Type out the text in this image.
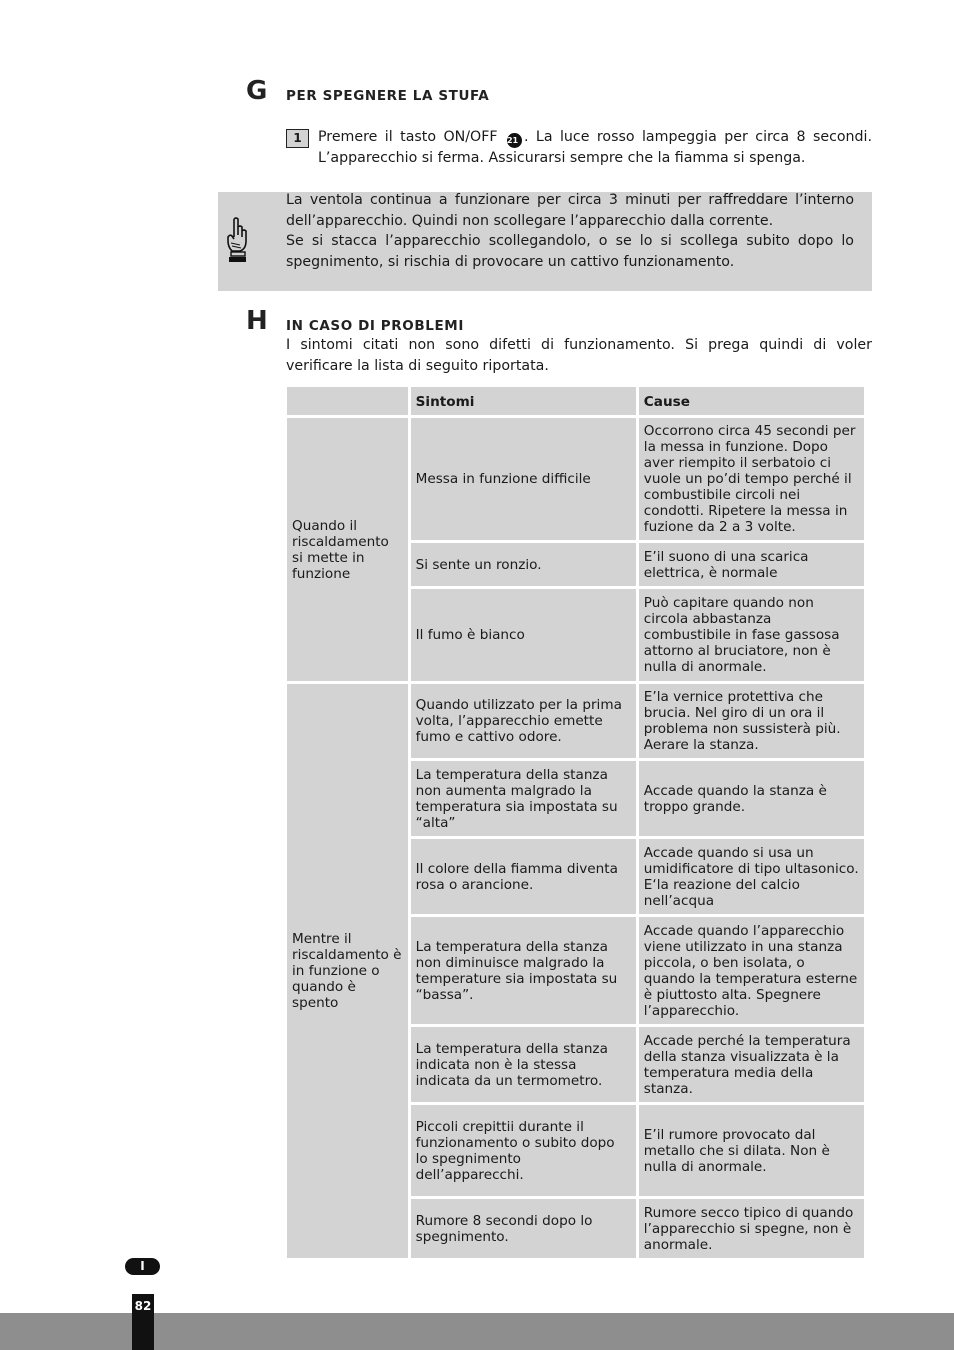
G PER SPEGNERE LA STUFA
1	Premere il tasto ON/OFF 21 . La luce rosso lampeggia per circa 8 secondi. L’apparecchio si ferma. Assicurarsi sempre che la fiamma si spenga.
La ventola continua a funzionare per circa 3 minuti per raffreddare l’interno dell’apparecchio. Quindi non scollegare l’apparecchio dalla corrente.
Se si stacca l’apparecchio scollegandolo, o se lo si scollega subito dopo lo spegnimento, si rischia di provocare un cattivo funzionamento.
H IN CASO DI PROBLEMI
I sintomi citati non sono difetti di funzionamento. Si prega quindi di voler verificare la lista di seguito riportata.
	Sintomi	Cause
Quando il riscaldamento si mette in funzione	Messa in funzione difficile	Occorrono circa 45 secondi per la messa in funzione. Dopo aver riempito il serbatoio ci vuole un po’di tempo perché il combustibile circoli nei condotti. Ripetere la messa in fuzione da 2 a 3 volte.
	Si sente un ronzio.	E’il suono di una scarica elettrica, è normale
	Il fumo è bianco	Può capitare quando non circola abbastanza combustibile in fase gassosa attorno al bruciatore, non è nulla di anormale.
Mentre il riscaldamento è in funzione o quando è spento	Quando utilizzato per la prima volta, l’apparecchio emette fumo e cattivo odore.	E’la vernice protettiva che brucia. Nel giro di un ora il problema non sussisterà più. Aerare la stanza.
	La temperatura della stanza non aumenta malgrado la temperatura sia impostata su “alta”	Accade quando la stanza è troppo grande.
	Il colore della fiamma diventa rosa o arancione.	Accade quando si usa un umidificatore di tipo ultasonico. E‘la reazione del calcio nell’acqua
	La temperatura della stanza non diminuisce malgrado la temperature sia impostata su “bassa”.	Accade quando l’apparecchio viene utilizzato in una stanza piccola, o ben isolata, o quando la temperatura esterne è piuttosto alta. Spegnere l’apparecchio.
	La temperatura della stanza indicata non è la stessa indicata da un termometro.	Accade perché la temperatura della stanza visualizzata è la temperatura media della stanza.
	Piccoli crepittii durante il funzionamento o subito dopo lo spegnimento dell’apparecchi.	E’il rumore provocato dal metallo che si dilata. Non è nulla di anormale.
	Rumore 8 secondi dopo lo spegnimento.	Rumore secco tipico di quando l’apparecchio si spegne, non è anormale.
I
82
